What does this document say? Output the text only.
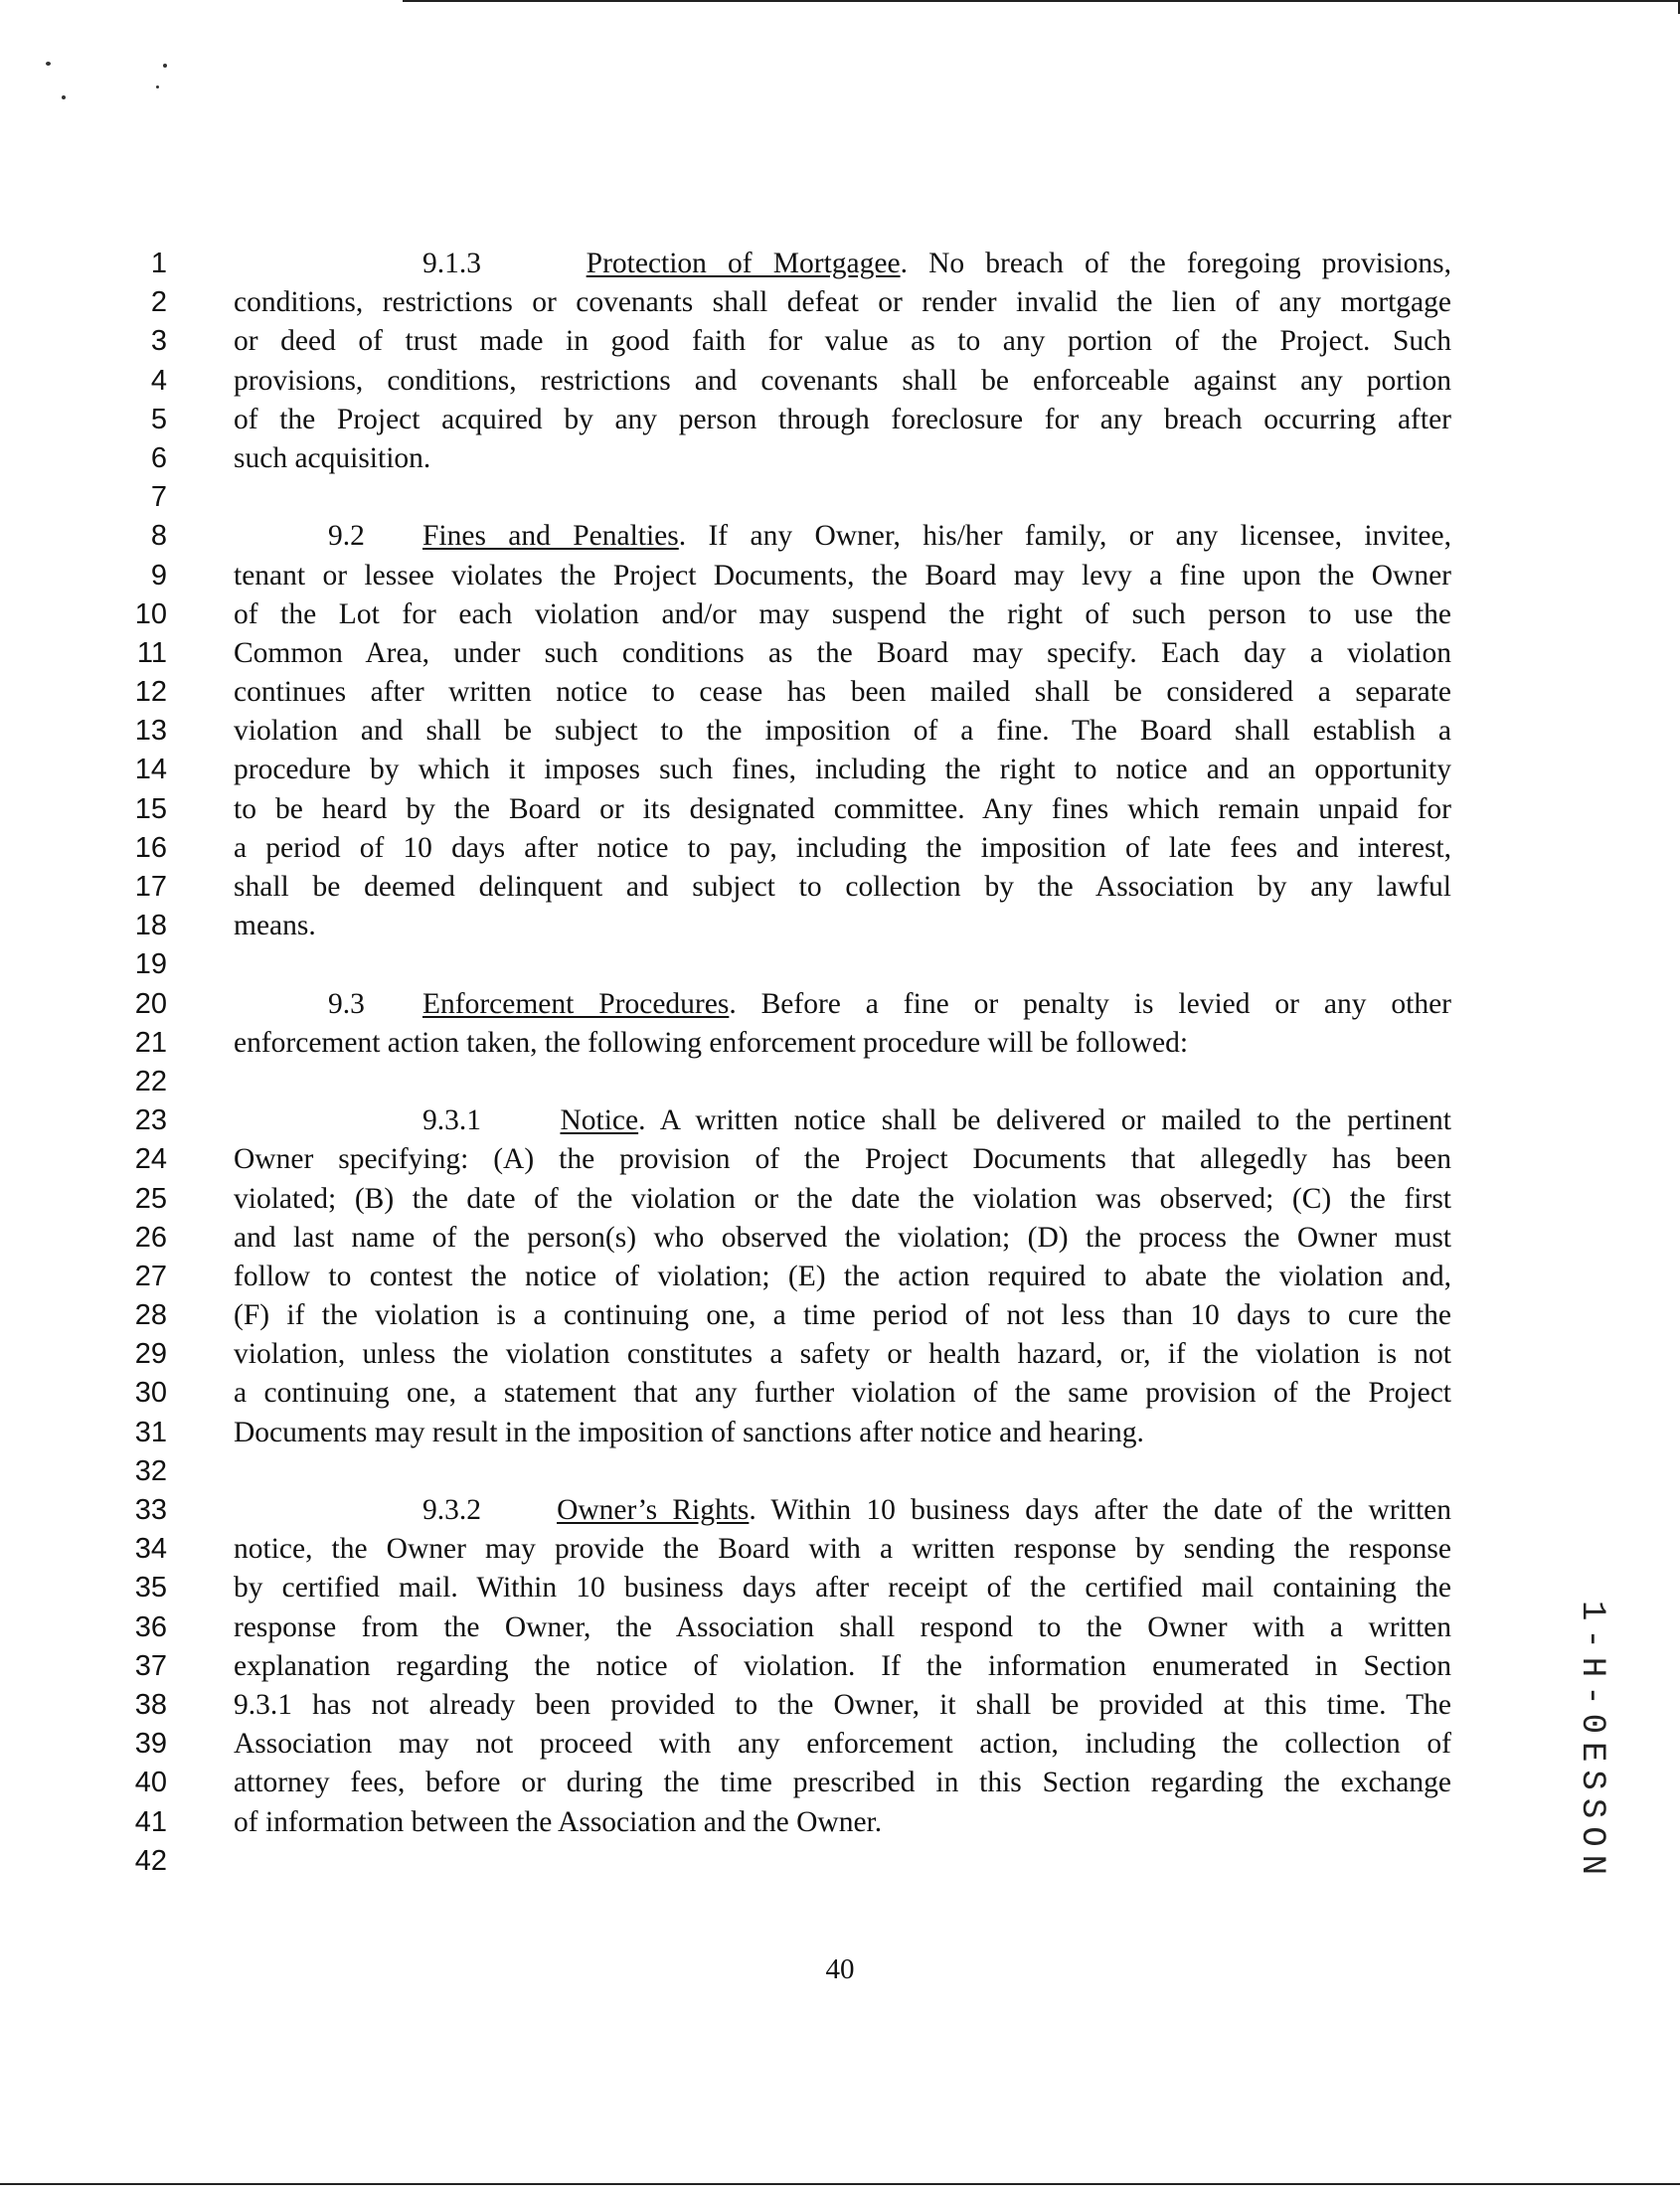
1
2
3
4
5
6
7
8
9
10
11
12
13
14
15
16
17
18
19
20
21
22
23
24
25
26
27
28
29
30
31
32
33
34
35
36
37
38
39
40
41
42
9.1.3	Protection of Mortgagee. No breach of the foregoing provisions,
conditions, restrictions or covenants shall defeat or render invalid the lien of any mortgage
or deed of trust made in good faith for value as to any portion of the Project. Such
provisions, conditions, restrictions and covenants shall be enforceable against any portion
of the Project acquired by any person through foreclosure for any breach occurring after
such acquisition.
9.2 Fines and Penalties. If any Owner, his/her family, or any licensee, invitee,
tenant or lessee violates the Project Documents, the Board may levy a fine upon the Owner
of the Lot for each violation and/or may suspend the right of such person to use the
Common Area, under such conditions as the Board may specify. Each day a violation
continues after written notice to cease has been mailed shall be considered a separate
violation and shall be subject to the imposition of a fine. The Board shall establish a
procedure by which it imposes such fines, including the right to notice and an opportunity
to be heard by the Board or its designated committee. Any fines which remain unpaid for
a period of 10 days after notice to pay, including the imposition of late fees and interest,
shall be deemed delinquent and subject to collection by the Association by any lawful
means.
9.3 Enforcement Procedures. Before a fine or penalty is levied or any other
enforcement action taken, the following enforcement procedure will be followed:
9.3.1	Notice. A written notice shall be delivered or mailed to the pertinent
Owner specifying: (A) the provision of the Project Documents that allegedly has been
violated; (B) the date of the violation or the date the violation was observed; (C) the first
and last name of the person(s) who observed the violation; (D) the process the Owner must
follow to contest the notice of violation; (E) the action required to abate the violation and,
(F) if the violation is a continuing one, a time period of not less than 10 days to cure the
violation, unless the violation constitutes a safety or health hazard, or, if the violation is not
a continuing one, a statement that any further violation of the same provision of the Project
Documents may result in the imposition of sanctions after notice and hearing.
9.3.2	Owner’s Rights. Within 10 business days after the date of the written
notice, the Owner may provide the Board with a written response by sending the response
by certified mail. Within 10 business days after receipt of the certified mail containing the
response from the Owner, the Association shall respond to the Owner with a written
explanation regarding the notice of violation. If the information enumerated in Section
9.3.1 has not already been provided to the Owner, it shall be provided at this time. The
Association may not proceed with any enforcement action, including the collection of
attorney fees, before or during the time prescribed in this Section regarding the exchange
of information between the Association and the Owner.	1-H-0ESSON
40
